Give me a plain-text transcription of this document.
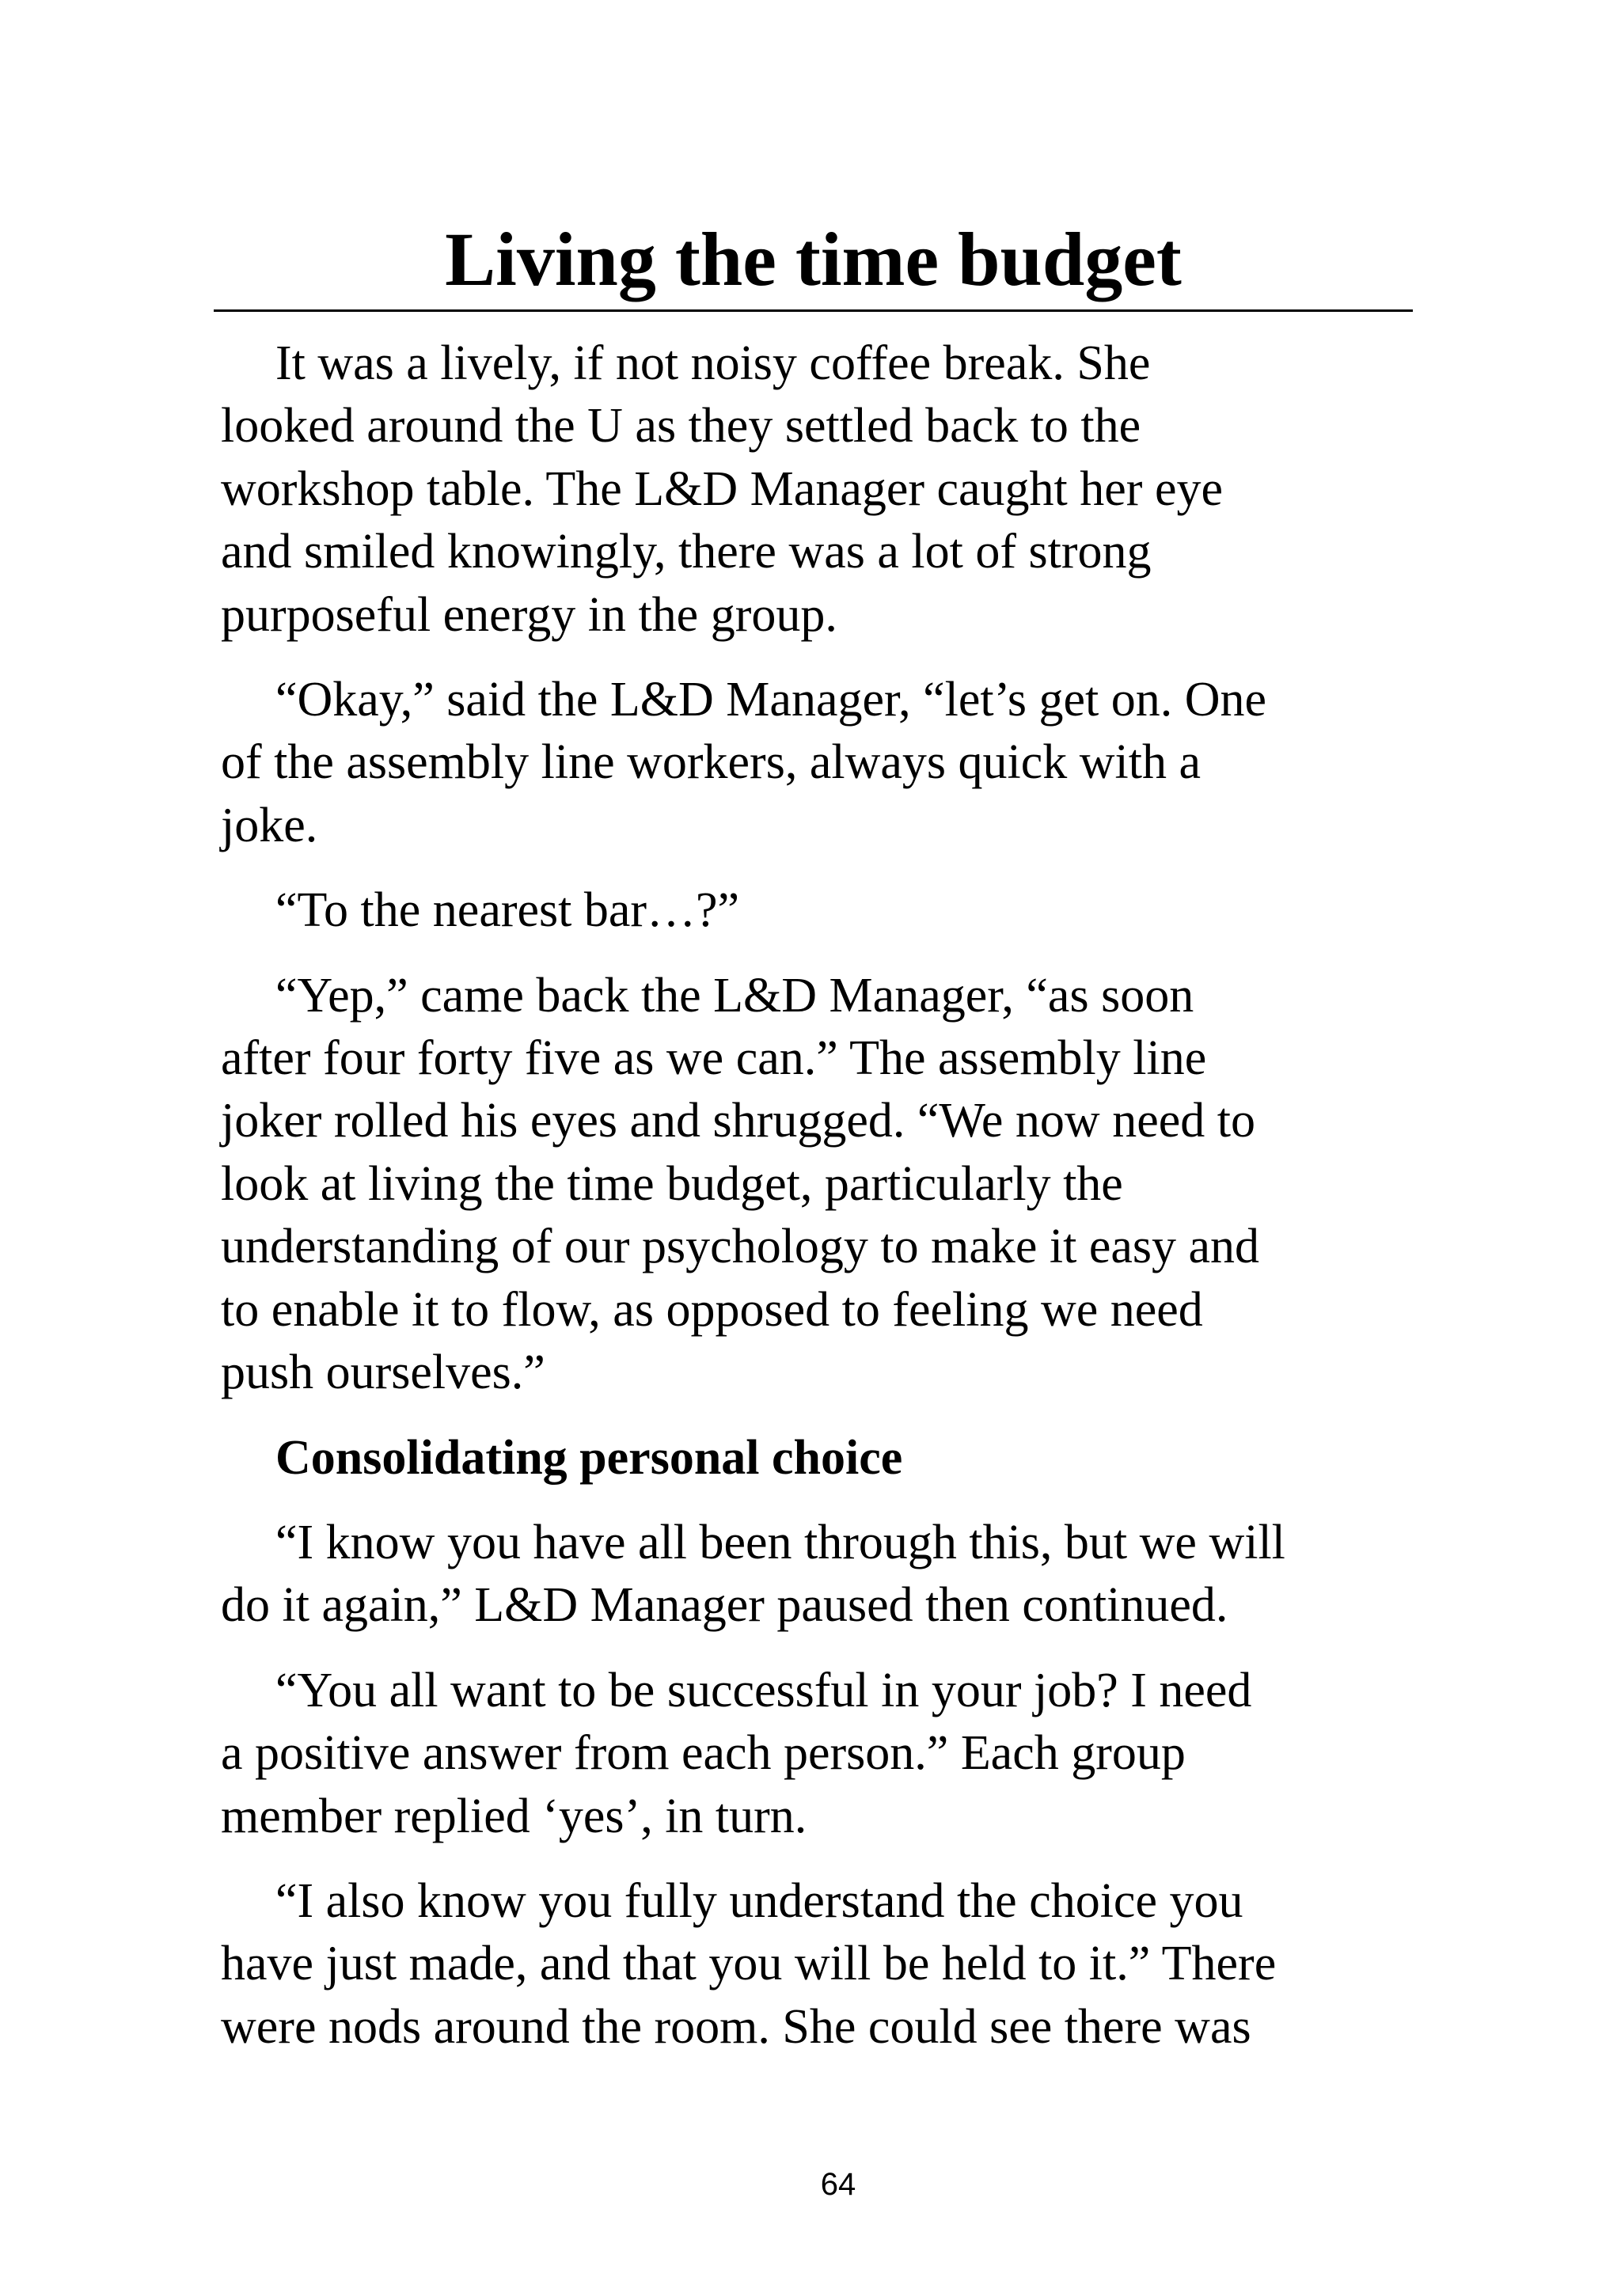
Living the time budget

It was a lively, if not noisy coffee break. She
looked around the U as they settled back to the
workshop table. The L&D Manager caught her eye
and smiled knowingly, there was a lot of strong
purposeful energy in the group.

“Okay,” said the L&D Manager, “let’s get on. One
of the assembly line workers, always quick with a
joke.

“To the nearest bar…?”

“Yep,” came back the L&D Manager, “as soon
after four forty five as we can.” The assembly line
joker rolled his eyes and shrugged. “We now need to
look at living the time budget, particularly the
understanding of our psychology to make it easy and
to enable it to flow, as opposed to feeling we need
push ourselves.”

Consolidating personal choice

“I know you have all been through this, but we will
do it again,” L&D Manager paused then continued.

“You all want to be successful in your job? I need
a positive answer from each person.” Each group
member replied ‘yes’, in turn.

“I also know you fully understand the choice you
have just made, and that you will be held to it.” There
were nods around the room. She could see there was

64
